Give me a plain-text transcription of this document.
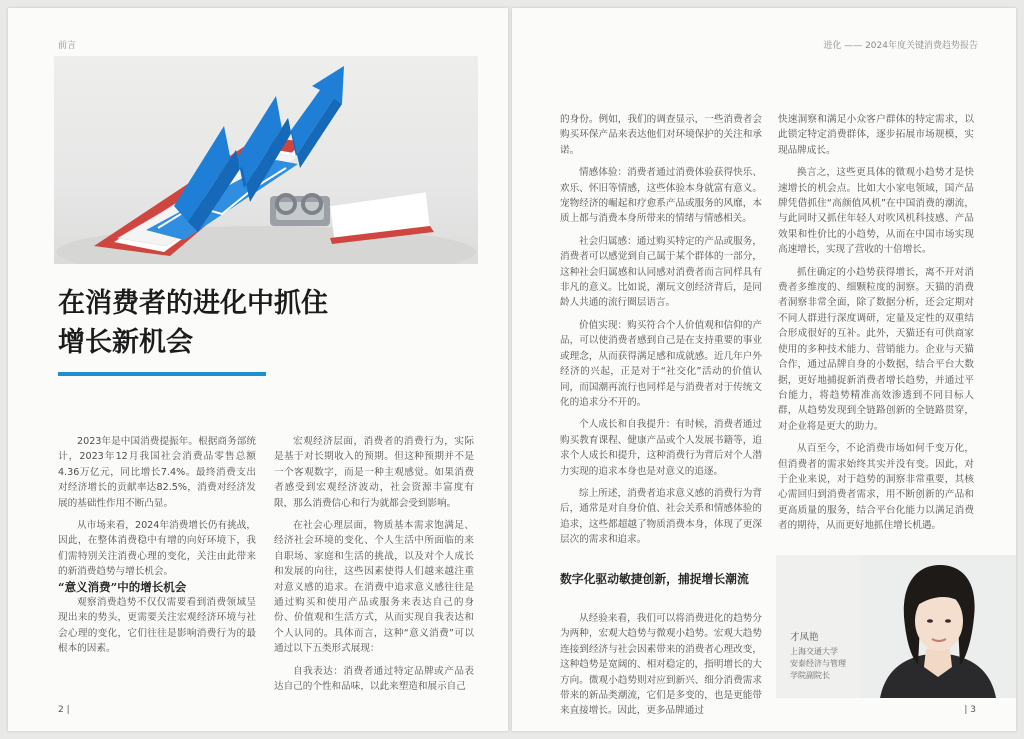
前言
在消费者的进化中抓住
增长新机会

2023年是中国消费提振年。根据商务部统计，2023年12月我国社会消费品零售总额4.36万亿元，同比增长7.4%。最终消费支出对经济增长的贡献率达82.5%，消费对经济发展的基础性作用不断凸显。

从市场来看，2024年消费增长仍有挑战，因此，在整体消费稳中有增的向好环境下，我们需特别关注消费心理的变化，关注由此带来的新消费趋势与增长机会。

“意义消费”中的增长机会

观察消费趋势不仅仅需要看到消费领域呈现出来的势头，更需要关注宏观经济环境与社会心理的变化，它们往往是影响消费行为的最根本的因素。

宏观经济层面，消费者的消费行为，实际是基于对长期收入的预期。但这种预期并不是一个客观数字，而是一种主观感觉。如果消费者感受到宏观经济波动，社会资源丰富度有限，那么消费信心和行为就都会受到影响。

在社会心理层面，物质基本需求饱满足、经济社会环境的变化、个人生活中所面临的来自职场、家庭和生活的挑战，以及对个人成长和发展的向往，这些因素使得人们越来越注重对意义感的追求。在消费中追求意义感往往是通过购买和使用产品或服务来表达自己的身份、价值观和生活方式，从而实现自我表达和个人认同的。具体而言，这种“意义消费”可以通过以下五类形式展现：

自我表达：消费者通过特定品牌或产品表达自己的个性和品味，以此来塑造和展示自己

2 |
进化 —— 2024年度关键消费趋势报告

的身份。例如，我们的调查显示，一些消费者会购买环保产品来表达他们对环境保护的关注和承诺。

情感体验：消费者通过消费体验获得快乐、欢乐、怀旧等情感，这些体验本身就富有意义。宠物经济的崛起和疗愈系产品或服务的风靡，本质上都与消费本身所带来的情绪与情感相关。

社会归属感：通过购买特定的产品或服务，消费者可以感觉到自己属于某个群体的一部分，这种社会归属感和认同感对消费者而言同样具有非凡的意义。比如说，潮玩文创经济背后，是同龄人共通的流行圈层语言。

价值实现：购买符合个人价值观和信仰的产品，可以使消费者感到自己是在支持重要的事业或理念，从而获得满足感和成就感。近几年户外经济的兴起，正是对于“社交化”活动的价值认同，而国潮再流行也同样是与消费者对于传统文化的追求分不开的。

个人成长和自我提升：有时候，消费者通过购买教育课程、健康产品或个人发展书籍等，追求个人成长和提升，这种消费行为背后对个人潜力实现的追求本身也是对意义的追逐。

综上所述，消费者追求意义感的消费行为背后，通常是对自身价值、社会关系和情感体验的追求，这些都超越了物质消费本身，体现了更深层次的需求和追求。

数字化驱动敏捷创新，捕捉增长潮流

从经验来看，我们可以将消费进化的趋势分为两种，宏观大趋势与微观小趋势。宏观大趋势连接到经济与社会因素带来的消费者心理改变，这种趋势是宽阔的、相对稳定的，指明增长的大方向。微观小趋势则对应到新兴、细分消费需求带来的新品类潮流，它们是多变的，也是更能带来直接增长。因此，更多品牌通过

快速洞察和满足小众客户群体的特定需求，以此锁定特定消费群体，逐步拓展市场规模，实现品牌成长。

换言之，这些更具体的微观小趋势才是快速增长的机会点。比如大小家电领域，国产品牌凭借抓住“高颜值风机”在中国消费的潮流，与此同时又抓住年轻人对吹风机科技感、产品效果和性价比的小趋势，从而在中国市场实现高速增长，实现了营收的十倍增长。

抓住确定的小趋势获得增长，离不开对消费者多维度的、细颗粒度的洞察。天猫的消费者洞察非常全面，除了数据分析，还会定期对不同人群进行深度调研，定量及定性的双重结合形成很好的互补。此外，天猫还有可供商家使用的多种技术能力、营销能力。企业与天猫合作，通过品牌自身的小数据，结合平台大数据，更好地捕捉新消费者增长趋势，并通过平台能力，将趋势精准高效渗透到不同目标人群，从趋势发现到全链路创新的全链路贯穿，对企业将是更大的助力。

从百至今，不论消费市场如何千变万化，但消费者的需求始终其实并没有变。因此，对于企业来说，对于趋势的洞察非常重要，其核心需回归到消费者需求，用不断创新的产品和更高质量的服务，结合平台化能力以满足消费者的期待，从而更好地抓住增长机遇。

才凤艳
上海交通大学
安泰经济与管理
学院副院长
| 3
